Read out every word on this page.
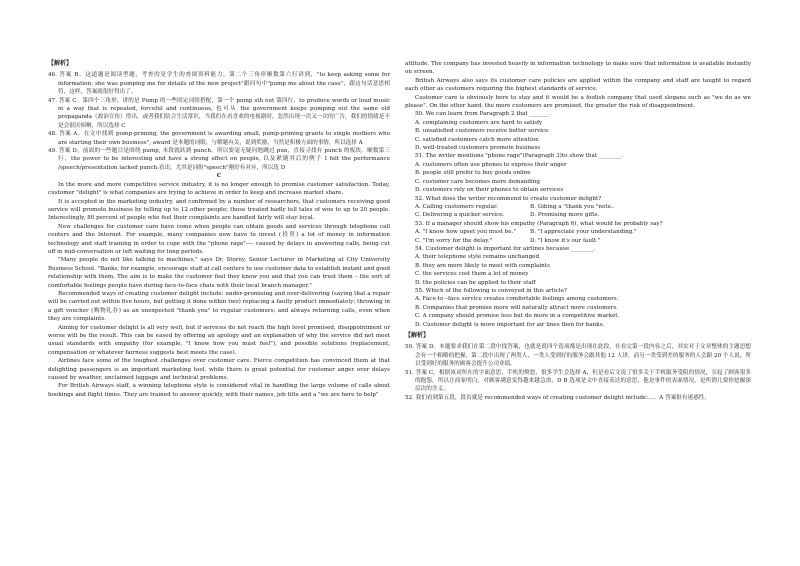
【解析】

46. 答案 B。这道题是阅读型题，考查的是学生的查阅资料能力。第二个三角形顺数第六行讲到，"to keep asking some for information: she was pumping me for details of the new project"跟问句中"pump me about the case"，跟这句话意思相符，这样，答案就很好得出了。

47. 答案 C。第四个三角形，讲的是 Pump 的一些固定词组搭配，第一个 pump sth out 第四行，to produce words or loud music in a way that is repeated, forceful and continuous, 也可从 the government keeps pumping out the same old propaganda（政治宣传）得出，或者我们结合生活常识，当我们在看喜欢的电视剧时，忽然出现一次又一次的广告，我们的情绪是不是会很厌烦啊，所以选择 C

48. 答案 A。在文中找到 pump-priming, the government is awarding small, pump-priming grants to single mothers who are starting their own business", award 是本题的词眼，与解题有关，说到奖励，当然是积极方面的事情，所以选择 A

49. 答案 D。前面的一些题目是围绕 pump, 本段就跃到 punch。所以要毫无疑问地跳过 pun，直接寻找有 punch 的板块。顺数第三行，the power to be interesting and have a strong effect on people, 以及紧随其后的例子 I felt the performance /speech/presentation lacked punch.看出，尤其是词组"speech"刚好有对应，所以选 D

C

In the more and more competitive service industry, it is no longer enough to promise customer satisfaction. Today, customer "delight" is what companies are trying to achieve in order to keep and increase market share.

It is accepted in the marketing industry, and confirmed by a number of researchers, that customers receiving good service will promote business by telling up to 12 other people; those treated badly tell tales of woe to up to 20 people. Interestingly, 80 percent of people who feel their complaints are handled fairly will stay loyal.

New challenges for customer care have come when people can obtain goods and services through telephone call centers and the Internet. For example, many companies now have to invest (投资) a lot of money in information technology and staff training in order to cope with the "phone rage"---- caused by delays in answering calls, being cut off in mid-conversation or left waiting for long periods.

"Many people do not like talking to machines," says Dr, Storey, Senior Lecturer in Marketing at City University Business School. "Banks, for example, encourage staff at call centers to use customer data to establish instant and good relationship with them. The aim is to make the customer feel they know you and that you can trust them – the sort of comfortable feelings people have during face-to-face chats with their local branch manager."

Recommended ways of creating customer delight include: under-promising and over-delivering (saying that a repair will be carried out within five hours, but getting it done within two) replacing a faulty product immediately; throwing in a gift voucher (购物礼券) as an unexpected "thank you" to regular customers; and always returning calls, even when they are complaints.

Aiming for customer delight is all very well, but if services do not reach the high level promised, disappointment or worse will be the result. This can be eased by offering an apology and an explanation of why the service did not meet usual standards with empathy (for example, "I know how you must feel"), and possible solutions (replacement, compensation or whatever fairness suggests best meets the case).

Airlines face some of the toughest challenges over customer care. Fierce competition has convinced them at that delighting passengers is an important marketing tool, while there is great potential for customer anger over delays caused by weather, unclaimed luggage and technical problems.

For British Airways staff, a winning telephone style is considered vital in handling the large volume of calls about bookings and flight times. They are trained to answer quickly, with their names, job title and a "we are here to help"

attitude. The company has invested heavily in information technology to make sure that information is available instantly on screen.

British Airways also says its customer care policies are applied within the company and staff are taught to regard each other as customers requiring the highest standards of service.

Customer care is obviously here to stay and it would be a foolish company that used slogans such as "we do as we please". On the other hand, the more customers are promised, the greater the risk of disappointment.

50. We can learn from Paragraph 2 that _______.

A. complaining customers are hard to satisfy

B. unsatisfied customers receive better service

C. satisfied customers catch more attention

D. well-treated customers promote business

51. The writer mentions "phone rage"(Paragraph 3)to show that ________.

A. customers often use phones to express their anger

B. people still prefer to buy goods online

C. customer care becomes more demanding

D. customers rely on their phones to obtain services

52. What does the writer recommend to create customer delight?

A. Calling customers regular.	B. Gibing a "thank you "note..
C. Delivering a quicker service.	D. Promising more gifts.

53. If a manager should show his empathy (Paragraph 6), what would he probably say?

A. "I know how upset you must be."	B. "I appreciate your understanding."
C. "I'm sorry for the delay."	D. "I know it's our fault."

54. Customer delight is important for airlines because ________.

A. their telephone style remains unchanged

B. they are more likely to meet with complaints

C. the services cost them a lot of money

D. the policies can be applied to their staff

55. Which of the following is conveyed in this article?

A. Face-to –face service creates comfortable feelings among customers.

B. Companies that promise more will naturally attract more customers.

C. A company should promise less but do more in a competitive market.

D. Customer delight is more important for air lines then for banks.

【解析】

50. 答案 D。本题要求我们在第二段中找答案，也就是说四个选项都是出现在此段，在看完第一段内容之后，其实对于文章整体的主题思想会有一个粗略的把握，第二段中出现了两类人，一类人受到好的服务会跟其他 12 人讲，而另一类受到差的服务的人会跟 20 个人说，所以受到好的服务的顾客会提升公司业绩。

51. 答案 C。根据该词所在的字面意思，手机的愤怒，很多学生会选择 A，但是看后文说了很多关于手机服务受阻的情况，引起了顾客很多的抱怨，所以让商家明白，对顾客满意变得越来越急需，D B 选项是文中直接表达的意思，他是事件的表面情况，是所谓几要你挖掘深层次的含义。

52. 我们看到第五段，段首就是 recommended ways of creating customer delight include:…。A 答案很有迷惑性，
